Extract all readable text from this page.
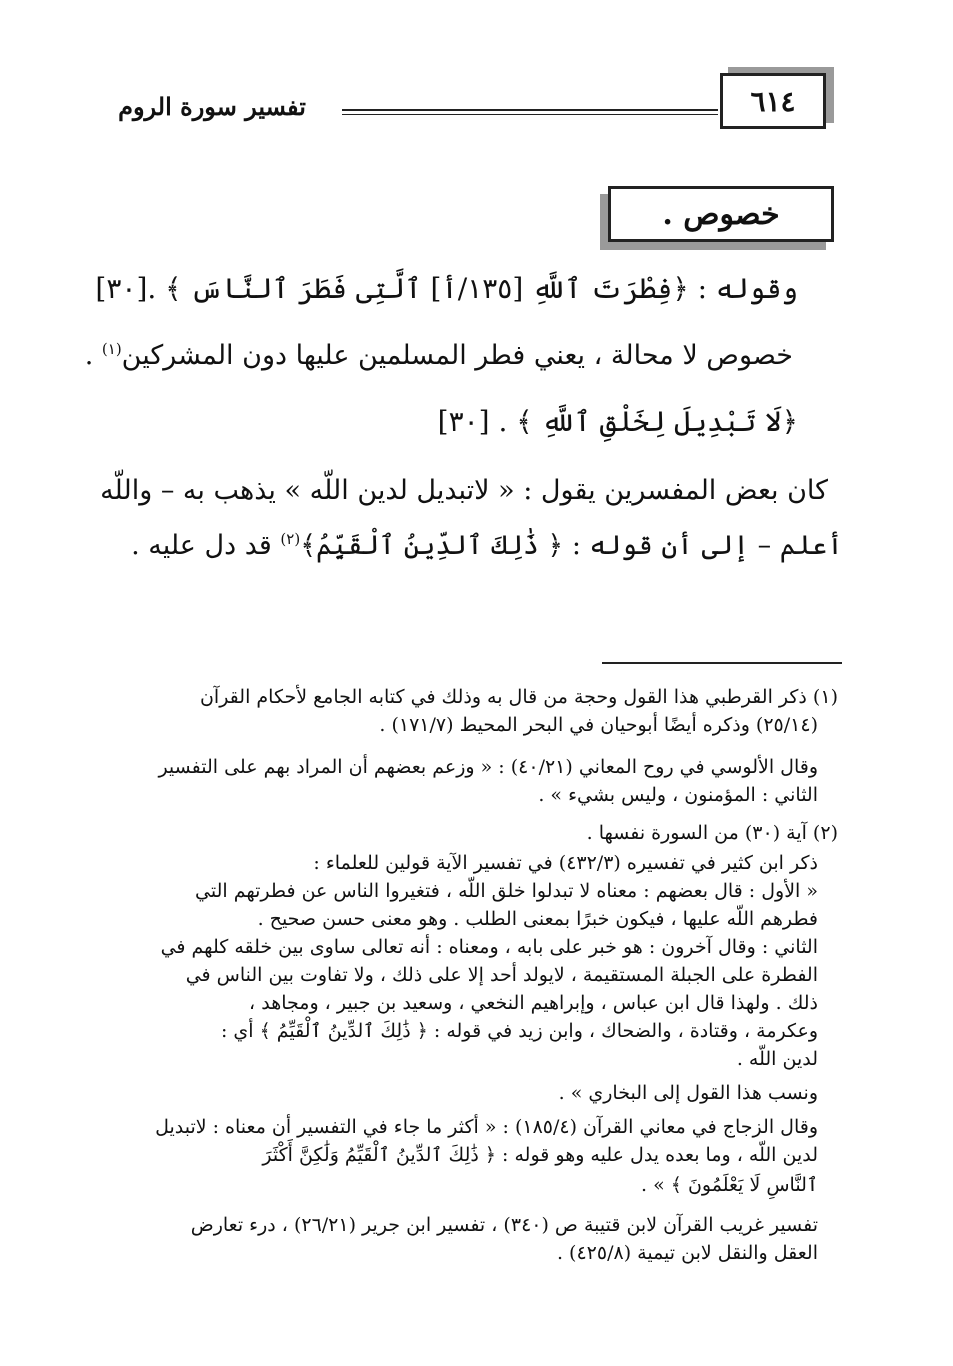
٦١٤
تفسير سورة الروم
خصوص .
وقوله : ﴿فِطْرَتَ ٱللَّهِ [١٣٥/أ] ٱلَّتِى فَطَرَ ٱلنَّاسَ ﴾ .[٣٠]
خصوص لا محالة ، يعني فطر المسلمين عليها دون المشركين$^{(١)}$ .
﴿لَا تَبْدِيلَ لِخَلْقِ ٱللَّهِ ﴾ . [٣٠]
كان بعض المفسرين يقول : « لاتبديل لدين اللّه » يذهب به – واللّه
أعلم – إلى أن قوله : ﴿ ذَٰلِكَ ٱلدِّينُ ٱلْقَيِّمُ﴾$^{(٢)}$ قد دل عليه .
(١) ذكر القرطبي هذا القول وحجة من قال به وذلك في كتابه الجامع لأحكام القرآن
(٢٥/١٤) وذكره أيضًا أبوحيان في البحر المحيط (١٧١/٧) .
وقال الألوسي في روح المعاني (٤٠/٢١) : « وزعم بعضهم أن المراد بهم على التفسير
الثاني : المؤمنون ، وليس بشيء » .
(٢) آية (٣٠) من السورة نفسها .
ذكر ابن كثير في تفسيره (٤٣٢/٣) في تفسير الآية قولين للعلماء :
« الأول : قال بعضهم : معناه لا تبدلوا خلق اللّه ، فتغيروا الناس عن فطرتهم التي
فطرهم اللّه عليها ، فيكون خبرًا بمعنى الطلب . وهو معنى حسن صحيح .
الثاني : وقال آخرون : هو خبر على بابه ، ومعناه : أنه تعالى ساوى بين خلقه كلهم في
الفطرة على الجبلة المستقيمة ، لايولد أحد إلا على ذلك ، ولا تفاوت بين الناس في
ذلك . ولهذا قال ابن عباس ، وإبراهيم النخعي ، وسعيد بن جبير ، ومجاهد ،
وعكرمة ، وقتادة ، والضحاك ، وابن زيد في قوله : ﴿ ذَٰلِكَ ٱلدِّينُ ٱلْقَيِّمُ ﴾ أي :
لدين اللّه .
ونسب هذا القول إلى البخاري » .
وقال الزجاج في معاني القرآن (١٨٥/٤) : « أكثر ما جاء في التفسير أن معناه : لاتبديل
لدين اللّه ، وما بعده يدل عليه وهو قوله : ﴿ ذَٰلِكَ ٱلدِّينُ ٱلْقَيِّمُ وَلَٰكِنَّ أَكْثَرَ
ٱلنَّاسِ لَا يَعْلَمُونَ ﴾ » .
تفسير غريب القرآن لابن قتيبة ص (٣٤٠) ، تفسير ابن جرير (٢٦/٢١) ، درء تعارض
العقل والنقل لابن تيمية (٤٢٥/٨) .
